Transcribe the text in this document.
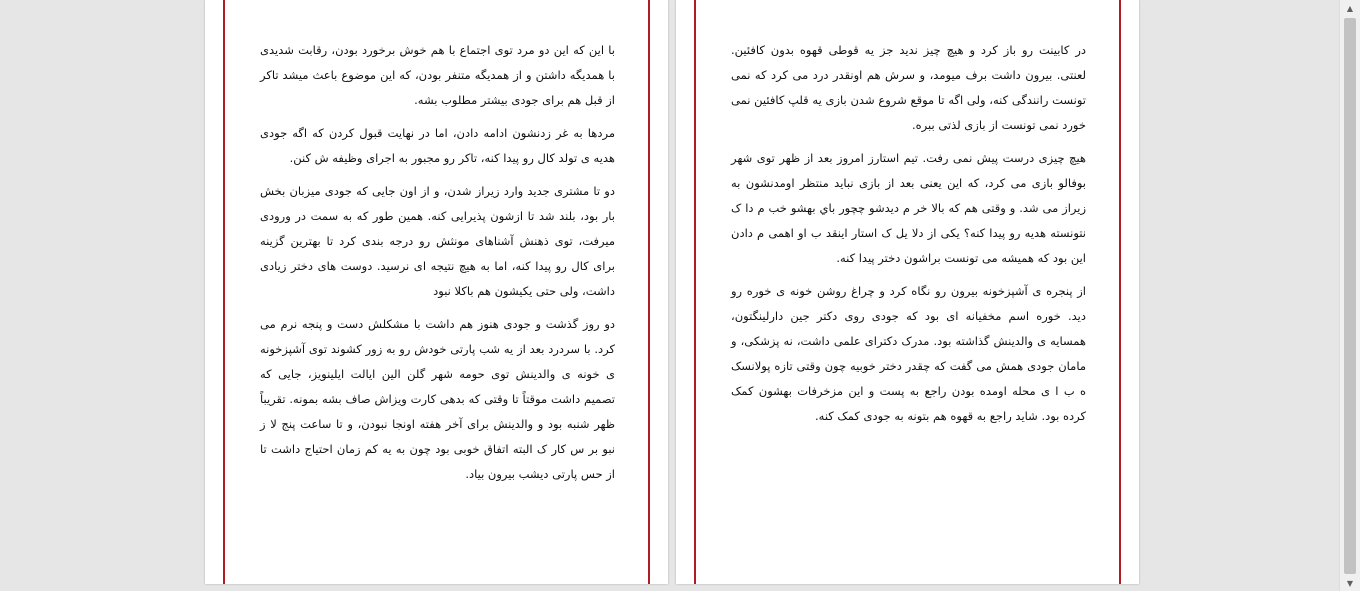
با این که این دو مرد توی اجتماع با هم خوش برخورد بودن، رقابت شدیدی با همدیگه داشتن و از همدیگه متنفر بودن، که این موضوع باعث میشد تاکر از قبل هم برای جودی بیشتر مطلوب بشه.

مردها به غر زدنشون ادامه دادن، اما در نهایت قبول کردن که اگه جودی هدیه ی تولد کال رو پیدا کنه، تاکر رو مجبور به اجرای وظیفه ش کنن.

دو تا مشتری جدید وارد زیراز شدن، و از اون جایی که جودی میزبان بخش بار بود، بلند شد تا ازشون پذیرایی کنه. همین طور که به سمت در ورودی میرفت، توی ذهنش آشناهای مونثش رو درجه بندی کرد تا بهترین گزینه برای کال رو پیدا کنه، اما به هیچ نتیجه ای نرسید. دوست های دختر زیادی داشت، ولی حتی یکیشون هم باکلا نبود

دو روز گذشت و جودی هنوز هم داشت با مشکلش دست و پنجه نرم می کرد. با سردرد بعد از یه شب پارتی خودش رو به زور کشوند توی آشپزخونه ی خونه ی والدینش توی حومه شهر گلن الین ایالت ایلینویز، جایی که تصمیم داشت موقتاً تا وقتی که بدهی کارت ویزاش صاف بشه بمونه. تقریباً ظهر شنبه بود و والدینش برای آخر هفته اونجا نبودن، و تا ساعت پنج لا ز نبو بر س کار ک البته اتفاق خوبی بود چون به یه کم زمان احتیاج داشت تا از حس پارتی دیشب بیرون بیاد.

در کابینت رو باز کرد و هیچ چیز ندید جز یه قوطی قهوه بدون کافئین. لعنتی. بیرون داشت برف میومد، و سرش هم اونقدر درد می کرد که نمی تونست رانندگی کنه، ولی اگه تا موقع شروع شدن بازی یه قلپ کافئین نمی خورد نمی تونست از بازی لذتی ببره.

هیچ چیزی درست پیش نمی رفت. تیم استارز امروز بعد از ظهر توی شهر بوفالو بازی می کرد، که این یعنی بعد از بازی نباید منتظر اومدنشون به زیراز می شد. و وقتی هم که بالا خر م دیدشو چچور باي بهشو خب م دا ک نتونسته هدیه رو پیدا کنه؟ یکی از دلا یل ک استار اینقد ب او اهمی م دادن این بود که همیشه می تونست براشون دختر پیدا کنه.

از پنجره ی آشپزخونه بیرون رو نگاه کرد و چراغ روشن خونه ی خوره رو دید. خوره اسم مخفیانه ای بود که جودی روی دکتر جین دارلینگتون، همسایه ی والدینش گذاشته بود. مدرک دکترای علمی داشت، نه پزشکی، و مامان جودی همش می گفت که چقدر دختر خوبیه چون وقتی تازه پولانسک ه ب ا ی محله اومده بودن راجع به پست و این مزخرفات بهشون کمک کرده بود. شاید راجع به قهوه هم بتونه به جودی کمک کنه.

▲
▼
